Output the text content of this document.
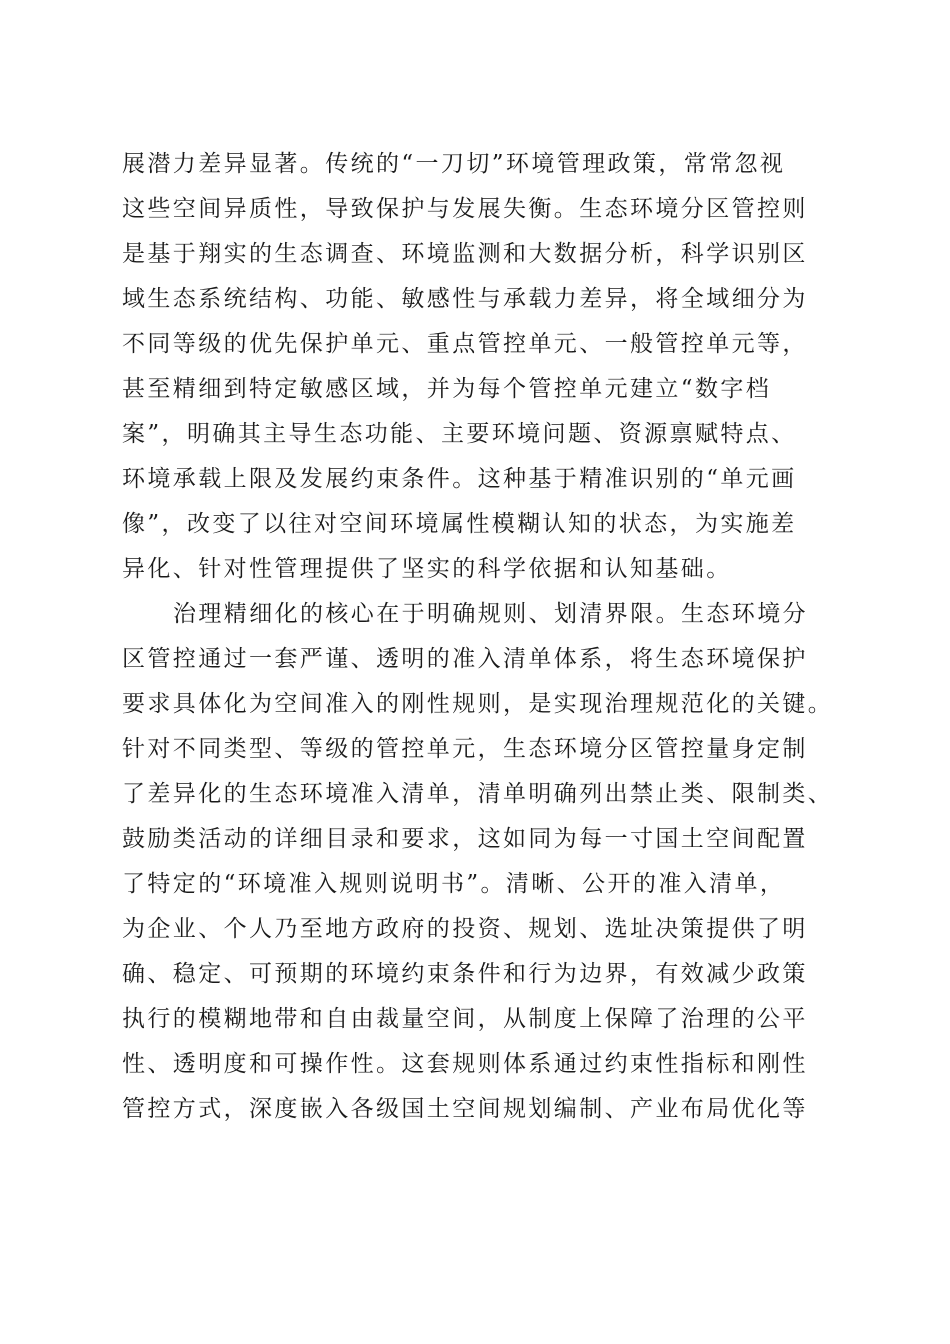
展潜力差异显著。传统的“一刀切”环境管理政策，常常忽视
这些空间异质性，导致保护与发展失衡。生态环境分区管控则
是基于翔实的生态调查、环境监测和大数据分析，科学识别区
域生态系统结构、功能、敏感性与承载力差异，将全域细分为
不同等级的优先保护单元、重点管控单元、一般管控单元等，
甚至精细到特定敏感区域，并为每个管控单元建立“数字档
案”，明确其主导生态功能、主要环境问题、资源禀赋特点、
环境承载上限及发展约束条件。这种基于精准识别的“单元画
像”，改变了以往对空间环境属性模糊认知的状态，为实施差
异化、针对性管理提供了坚实的科学依据和认知基础。
治理精细化的核心在于明确规则、划清界限。生态环境分
区管控通过一套严谨、透明的准入清单体系，将生态环境保护
要求具体化为空间准入的刚性规则，是实现治理规范化的关键。
针对不同类型、等级的管控单元，生态环境分区管控量身定制
了差异化的生态环境准入清单，清单明确列出禁止类、限制类、
鼓励类活动的详细目录和要求，这如同为每一寸国土空间配置
了特定的“环境准入规则说明书”。清晰、公开的准入清单，
为企业、个人乃至地方政府的投资、规划、选址决策提供了明
确、稳定、可预期的环境约束条件和行为边界，有效减少政策
执行的模糊地带和自由裁量空间，从制度上保障了治理的公平
性、透明度和可操作性。这套规则体系通过约束性指标和刚性
管控方式，深度嵌入各级国土空间规划编制、产业布局优化等
